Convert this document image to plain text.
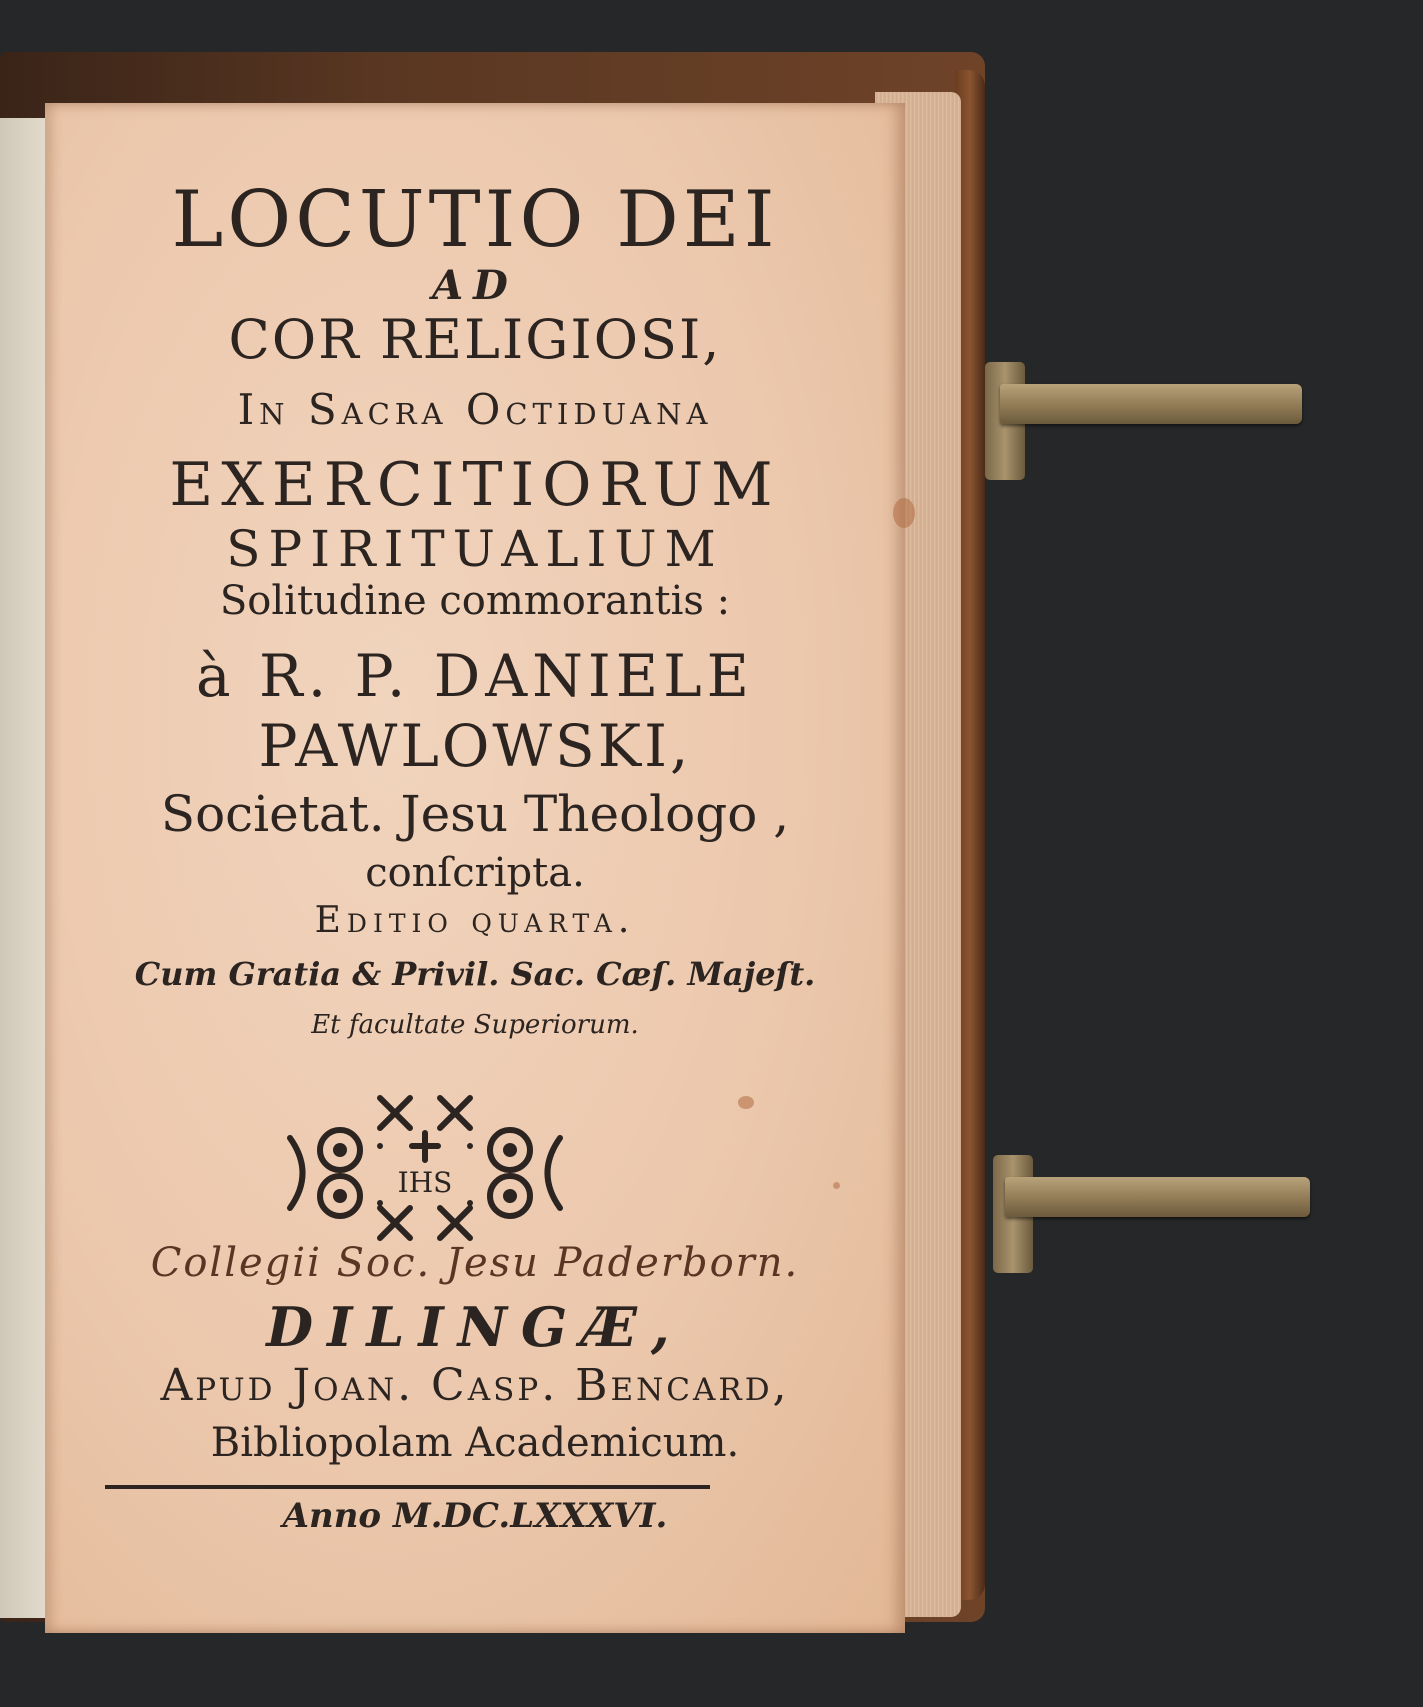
LOCUTIO DEI
AD
COR RELIGIOSI,
In Sacra Octiduana
EXERCITIORUM
SPIRITUALIUM
Solitudine commorantis :
à R. P. DANIELE
PAWLOWSKI,
Societat. Jesu Theologo ,
conſcripta.
Editio quarta.
Cum Gratia & Privil. Sac. Cæſ. Majeſt.
Et facultate Superiorum.
IHS
Collegii Soc. Jesu Paderborn.
DILINGÆ,
Apud Joan. Casp. Bencard,
Bibliopolam Academicum.
Anno M.DC.LXXXVI.
